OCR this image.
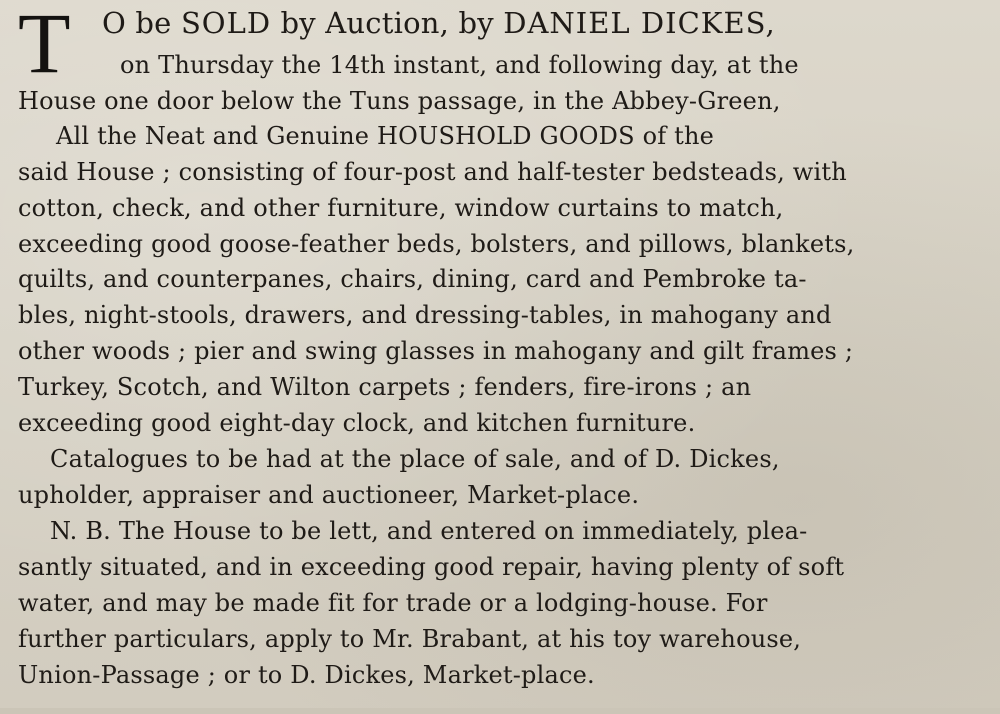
T O be SOLD by Auction, by DANIEL DICKES,
on Thursday the 14th instant, and following day, at the
House one door below the Tuns passage, in the Abbey-Green,
All the Neat and Genuine HOUSHOLD GOODS of the
said House ; consisting of four-post and half-tester bedsteads, with
cotton, check, and other furniture, window curtains to match,
exceeding good goose-feather beds, bolsters, and pillows, blankets,
quilts, and counterpanes, chairs, dining, card and Pembroke ta-
bles, night-stools, drawers, and dressing-tables, in mahogany and
other woods ; pier and swing glasses in mahogany and gilt frames ;
Turkey, Scotch, and Wilton carpets ; fenders, fire-irons ; an
exceeding good eight-day clock, and kitchen furniture.
Catalogues to be had at the place of sale, and of D. Dickes,
upholder, appraiser and auctioneer, Market-place.
N. B. The House to be lett, and entered on immediately, plea-
santly situated, and in exceeding good repair, having plenty of soft
water, and may be made fit for trade or a lodging-house. For
further particulars, apply to Mr. Brabant, at his toy warehouse,
Union-Passage ; or to D. Dickes, Market-place.
